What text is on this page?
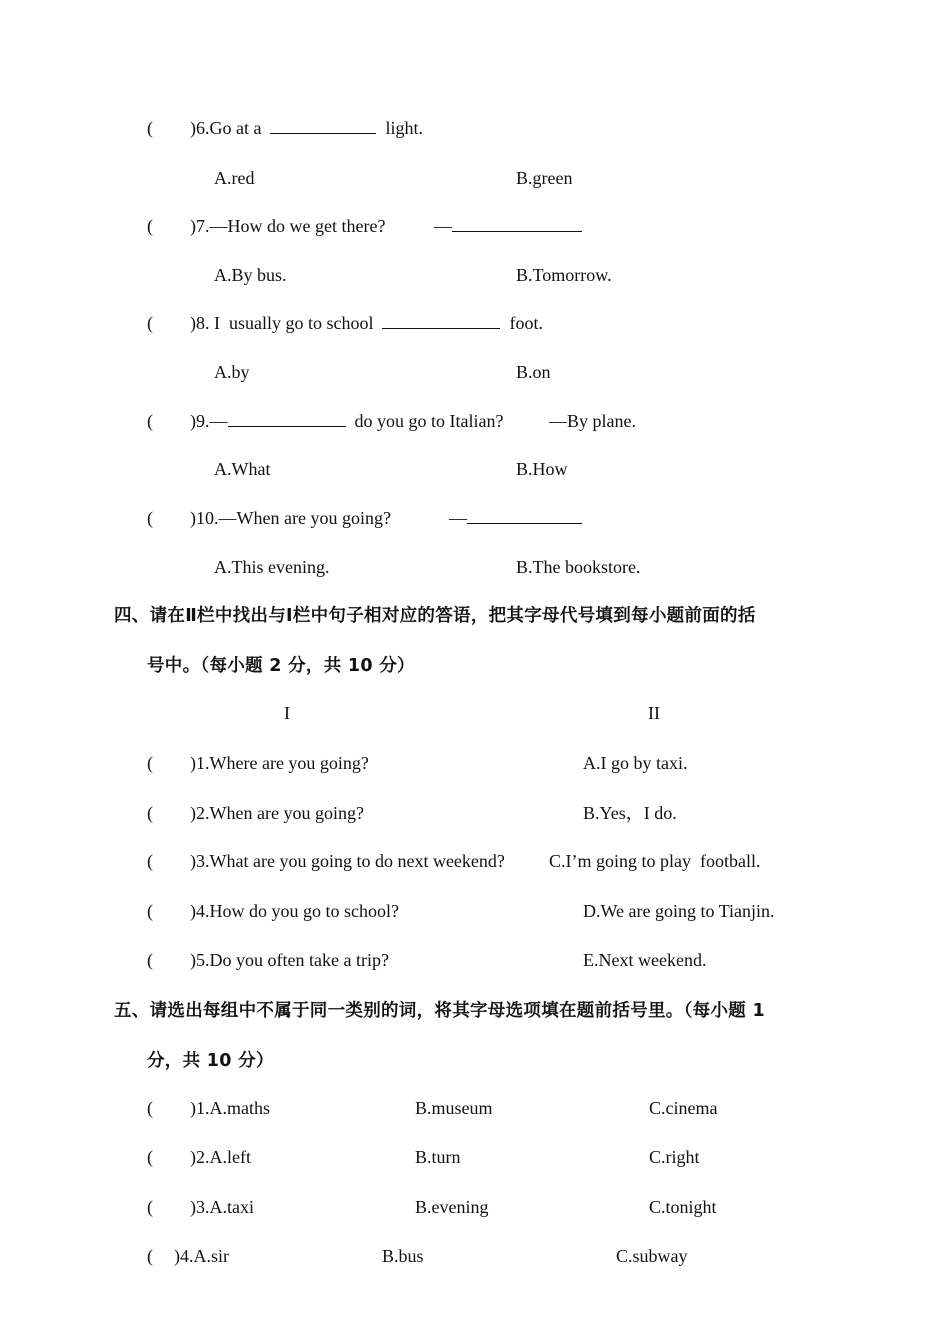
( )6.Go at a	light.
A.red	B.green
( )7.—How do we get there?	—
A.By bus.	B.Tomorrow.
( )8. I  usually go to school	foot.
A.by	B.on
( )9.—	do you go to Italian?	—By plane.
A.What	B.How
( )10.—When are you going?	—
A.This evening.	B.The bookstore.
四、请在Ⅱ栏中找出与Ⅰ栏中句子相对应的答语，把其字母代号填到每小题前面的括
号中。（每小题 2 分，共 10 分）
I	II
( )1.Where are you going?	A.I go by taxi.
( )2.When are you going?	B.Yes，I do.
( )3.What are you going to do next weekend? C.I’m going to play  football.
( )4.How do you go to school?	D.We are going to Tianjin.
( )5.Do you often take a trip?	E.Next weekend.
五、请选出每组中不属于同一类别的词，将其字母选项填在题前括号里。（每小题 1
分，共 10 分）
( )1.A.maths	B.museum	C.cinema
( )2.A.left	B.turn	C.right
( )3.A.taxi	B.evening	C.tonight
( )4.A.sir	B.bus	C.subway
